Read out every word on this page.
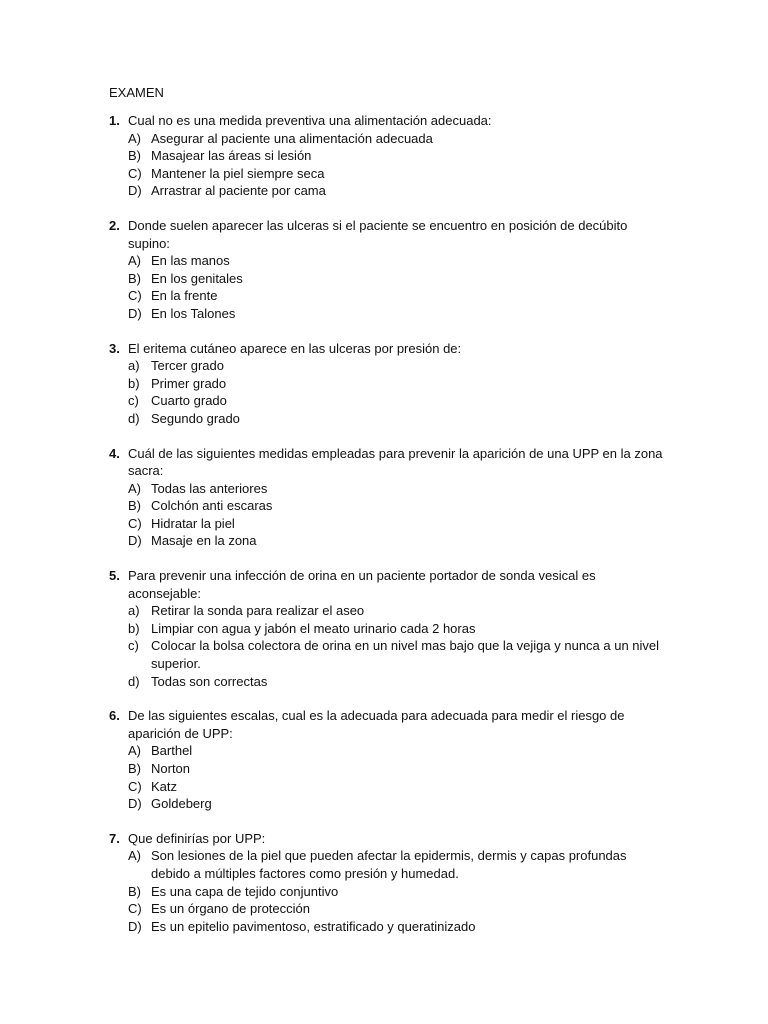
EXAMEN
1. Cual no es una medida preventiva una alimentación adecuada:
A) Asegurar al paciente una alimentación adecuada
B) Masajear las áreas si lesión
C) Mantener la piel siempre seca
D) Arrastrar al paciente por cama
2. Donde suelen aparecer las ulceras si el paciente se encuentro en posición de decúbito supino:
A) En las manos
B) En los genitales
C) En la frente
D) En los Talones
3. El eritema cutáneo aparece en las ulceras por presión de:
a) Tercer grado
b) Primer grado
c) Cuarto grado
d) Segundo grado
4. Cuál de las siguientes medidas empleadas para prevenir la aparición de una UPP en la zona sacra:
A) Todas las anteriores
B) Colchón anti escaras
C) Hidratar la piel
D) Masaje en la zona
5. Para prevenir una infección de orina en un paciente portador de sonda vesical es aconsejable:
a) Retirar la sonda para realizar el aseo
b) Limpiar con agua y jabón el meato urinario cada 2 horas
c) Colocar la bolsa colectora de orina en un nivel mas bajo que la vejiga y nunca a un nivel superior.
d) Todas son correctas
6. De las siguientes escalas, cual es la adecuada para adecuada para medir el riesgo de aparición de UPP:
A) Barthel
B) Norton
C) Katz
D) Goldeberg
7. Que definirías por UPP:
A) Son lesiones de la piel que pueden afectar la epidermis, dermis y capas profundas debido a múltiples factores como presión y humedad.
B) Es una capa de tejido conjuntivo
C) Es un órgano de protección
D) Es un epitelio pavimentoso, estratificado y queratinizado
